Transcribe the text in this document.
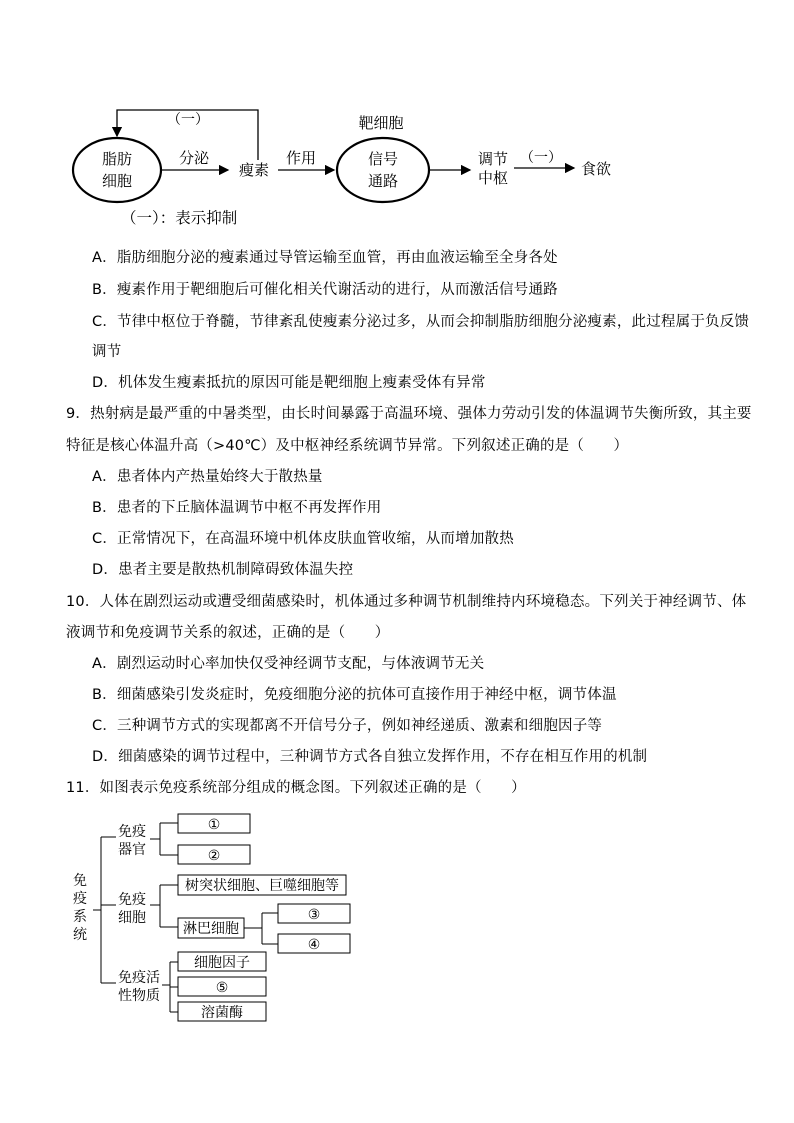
脂肪
细胞
分泌
瘦素
（一）
作用
靶细胞
信号
通路
调节
中枢
（一）
食欲
（一）：表示抑制
A．脂肪细胞分泌的瘦素通过导管运输至血管，再由血液运输至全身各处
B．瘦素作用于靶细胞后可催化相关代谢活动的进行，从而激活信号通路
C．节律中枢位于脊髓，节律紊乱使瘦素分泌过多，从而会抑制脂肪细胞分泌瘦素，此过程属于负反馈
调节
D．机体发生瘦素抵抗的原因可能是靶细胞上瘦素受体有异常
9．热射病是最严重的中暑类型，由长时间暴露于高温环境、强体力劳动引发的体温调节失衡所致，其主要
特征是核心体温升高（>40℃）及中枢神经系统调节异常。下列叙述正确的是（　　）
A．患者体内产热量始终大于散热量
B．患者的下丘脑体温调节中枢不再发挥作用
C．正常情况下，在高温环境中机体皮肤血管收缩，从而增加散热
D．患者主要是散热机制障碍致体温失控
10．人体在剧烈运动或遭受细菌感染时，机体通过多种调节机制维持内环境稳态。下列关于神经调节、体
液调节和免疫调节关系的叙述，正确的是（　　）
A．剧烈运动时心率加快仅受神经调节支配，与体液调节无关
B．细菌感染引发炎症时，免疫细胞分泌的抗体可直接作用于神经中枢，调节体温
C．三种调节方式的实现都离不开信号分子，例如神经递质、激素和细胞因子等
D．细菌感染的调节过程中，三种调节方式各自独立发挥作用，不存在相互作用的机制
11．如图表示免疫系统部分组成的概念图。下列叙述正确的是（　　）
免
疫
系
统
免疫
器官
①
②
免疫
细胞
树突状细胞、巨噬细胞等
淋巴细胞
③
④
免疫活
性物质
细胞因子
⑤
溶菌酶
